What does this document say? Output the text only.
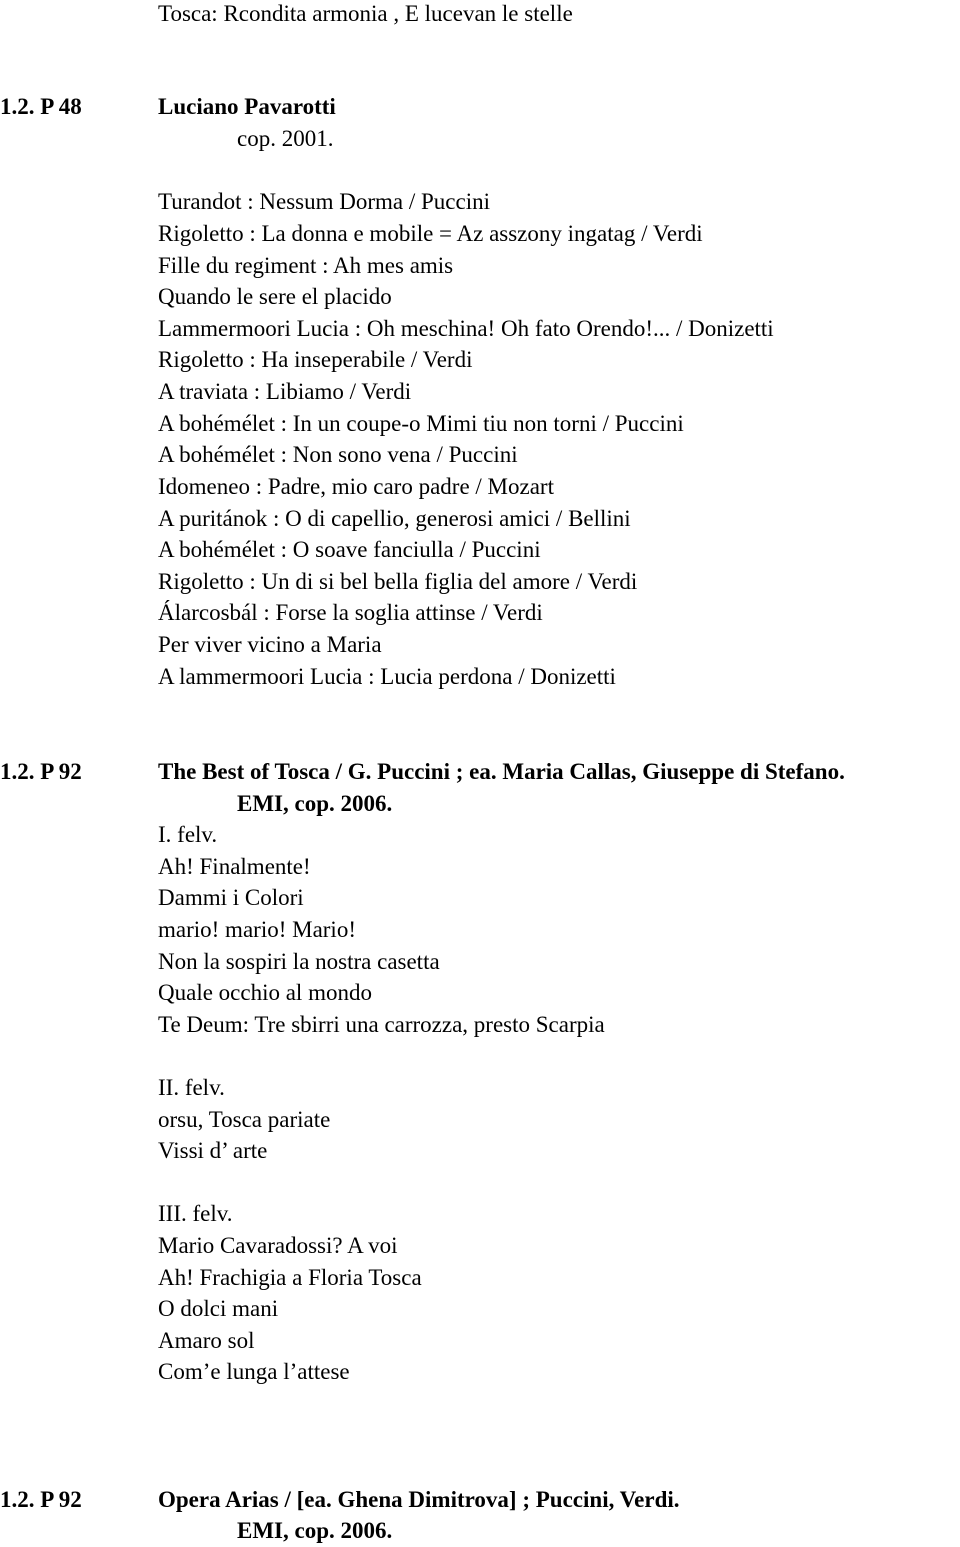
Tosca: Rcondita armonia , E lucevan le stelle
1.2. P 48	Luciano Pavarotti
cop. 2001.
Turandot : Nessum Dorma / Puccini
Rigoletto : La donna e mobile = Az asszony ingatag / Verdi
Fille du regiment : Ah mes amis
Quando le sere el placido
Lammermoori Lucia : Oh meschina! Oh fato Orendo!... / Donizetti
Rigoletto : Ha inseperabile / Verdi
A traviata : Libiamo / Verdi
A bohémélet : In un coupe-o Mimi tiu non torni / Puccini
A bohémélet : Non sono vena / Puccini
Idomeneo : Padre, mio caro padre / Mozart
A puritánok : O di capellio, generosi amici / Bellini
A bohémélet : O soave fanciulla / Puccini
Rigoletto : Un di si bel bella figlia del amore / Verdi
Álarcosbál : Forse la soglia attinse / Verdi
Per viver vicino a Maria
A lammermoori Lucia : Lucia perdona / Donizetti
1.2. P 92	The Best of Tosca / G. Puccini ; ea. Maria Callas, Giuseppe di Stefano.
EMI, cop. 2006.
I. felv.
Ah! Finalmente!
Dammi i Colori
mario! mario! Mario!
Non la sospiri la nostra casetta
Quale occhio al mondo
Te Deum: Tre sbirri una carrozza, presto Scarpia
II. felv.
orsu, Tosca pariate
Vissi d’ arte
III. felv.
Mario Cavaradossi? A voi
Ah! Frachigia a Floria Tosca
O dolci mani
Amaro sol
Com’e lunga l’attese
1.2. P 92	Opera Arias / [ea. Ghena Dimitrova] ; Puccini, Verdi.
EMI, cop. 2006.
